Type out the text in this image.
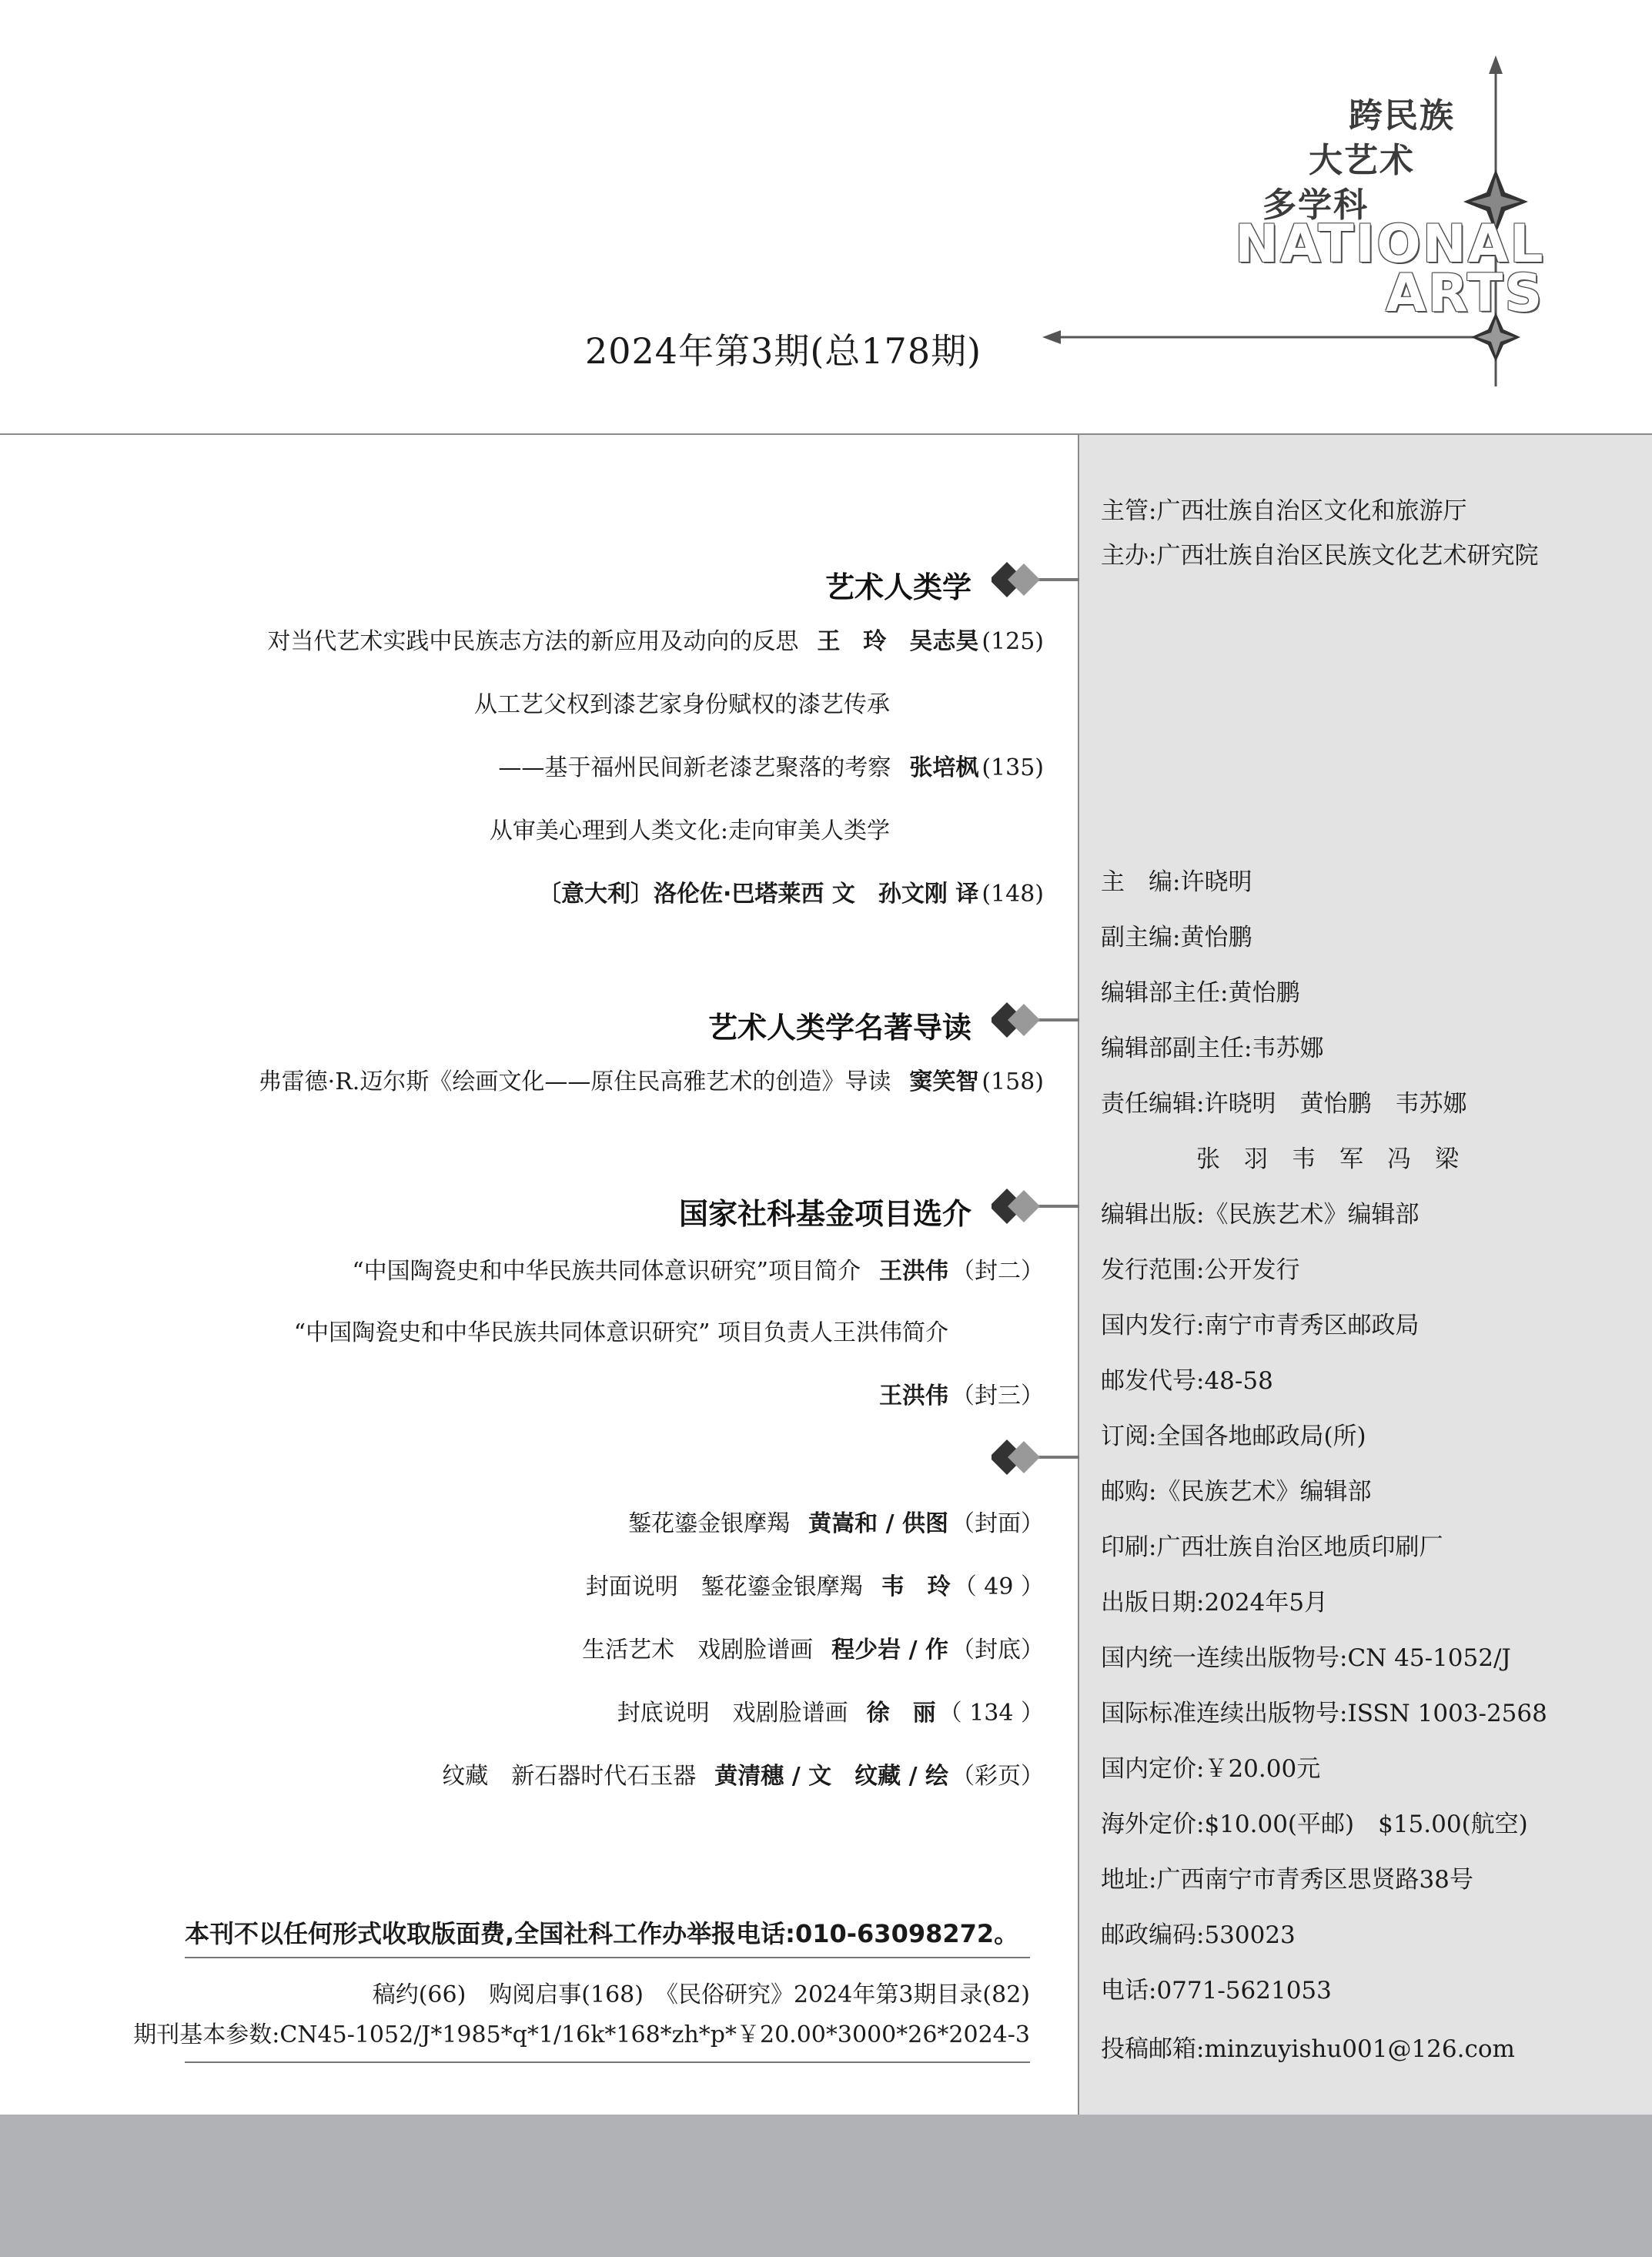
跨民族
大艺术
多学科
NATIONAL
ARTS
2024年第3期(总178期)
主管:广西壮族自治区文化和旅游厅
主办:广西壮族自治区民族文化艺术研究院
主　编:许晓明
副主编:黄怡鹏
编辑部主任:黄怡鹏
编辑部副主任:韦苏娜
责任编辑:许晓明　黄怡鹏　韦苏娜
　　　　张　羽　韦　军　冯　梁
编辑出版:《民族艺术》编辑部
发行范围:公开发行
国内发行:南宁市青秀区邮政局
邮发代号:48-58
订阅:全国各地邮政局(所)
邮购:《民族艺术》编辑部
印刷:广西壮族自治区地质印刷厂
出版日期:2024年5月
国内统一连续出版物号:CN 45-1052/J
国际标准连续出版物号:ISSN 1003-2568
国内定价:￥20.00元
海外定价:$10.00(平邮)　$15.00(航空)
地址:广西南宁市青秀区思贤路38号
邮政编码:530023
电话:0771-5621053
投稿邮箱:minzuyishu001@126.com
艺术人类学
艺术人类学名著导读
国家社科基金项目选介
对当代艺术实践中民族志方法的新应用及动向的反思 王　玲　吴志昊 (125)
从工艺父权到漆艺家身份赋权的漆艺传承
——基于福州民间新老漆艺聚落的考察 张培枫 (135)
从审美心理到人类文化:走向审美人类学
〔意大利〕洛伦佐·巴塔莱西 文　孙文刚 译 (148)
弗雷德·R.迈尔斯《绘画文化——原住民高雅艺术的创造》导读 窦笑智 (158)
“中国陶瓷史和中华民族共同体意识研究”项目简介 王洪伟 （封二）
“中国陶瓷史和中华民族共同体意识研究” 项目负责人王洪伟简介
王洪伟 （封三）
錾花鎏金银摩羯 黄嵩和 / 供图 （封面）
封面说明　錾花鎏金银摩羯 韦　玲 （ 49 ）
生活艺术　戏剧脸谱画 程少岩 / 作 （封底）
封底说明　戏剧脸谱画 徐　丽 （ 134 ）
纹藏　新石器时代石玉器 黄清穗 / 文　纹藏 / 绘 （彩页）
本刊不以任何形式收取版面费,全国社科工作办举报电话:010-63098272。
稿约(66)　购阅启事(168)　《民俗研究》2024年第3期目录(82)
期刊基本参数:CN45-1052/J*1985*q*1/16k*168*zh*p*￥20.00*3000*26*2024-3
